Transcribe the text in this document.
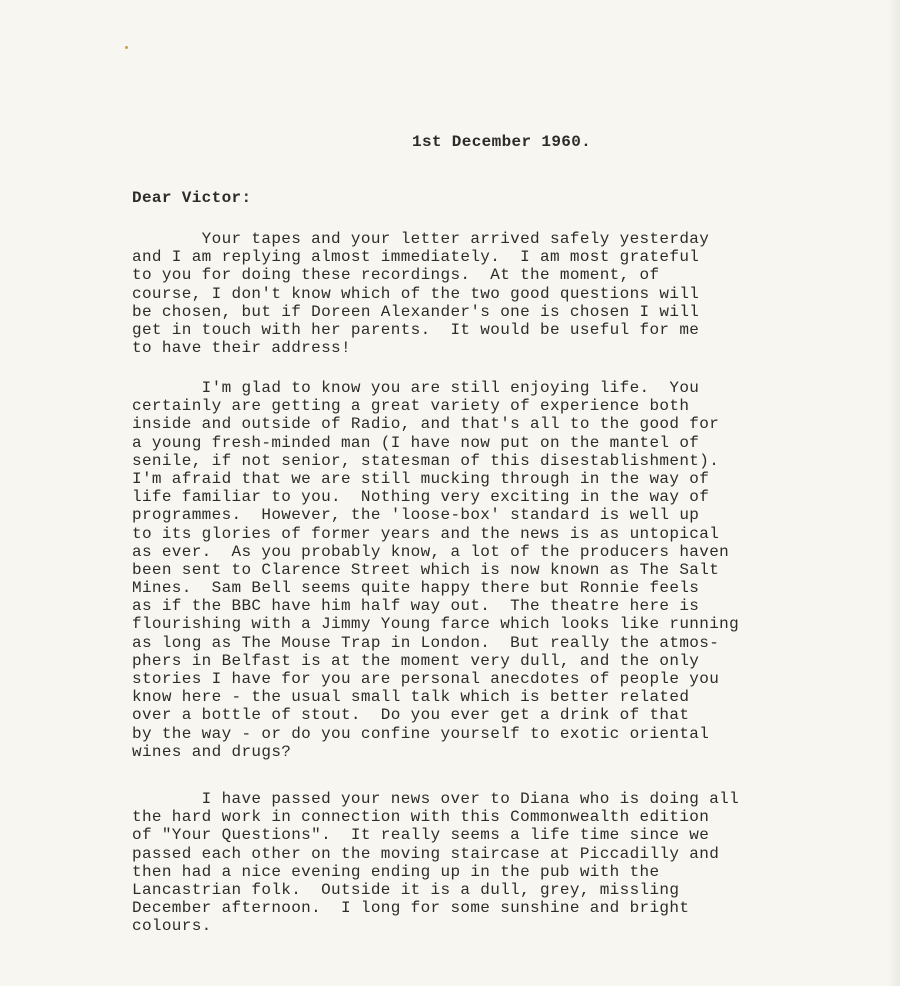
1st December 1960.
Dear Victor:
Your tapes and your letter arrived safely yesterday
and I am replying almost immediately.  I am most grateful
to you for doing these recordings.  At the moment, of
course, I don't know which of the two good questions will
be chosen, but if Doreen Alexander's one is chosen I will
get in touch with her parents.  It would be useful for me
to have their address!
I'm glad to know you are still enjoying life.  You
certainly are getting a great variety of experience both
inside and outside of Radio, and that's all to the good for
a young fresh-minded man (I have now put on the mantel of
senile, if not senior, statesman of this disestablishment).
I'm afraid that we are still mucking through in the way of
life familiar to you.  Nothing very exciting in the way of
programmes.  However, the 'loose-box' standard is well up
to its glories of former years and the news is as untopical
as ever.  As you probably know, a lot of the producers haven
been sent to Clarence Street which is now known as The Salt
Mines.  Sam Bell seems quite happy there but Ronnie feels
as if the BBC have him half way out.  The theatre here is
flourishing with a Jimmy Young farce which looks like running
as long as The Mouse Trap in London.  But really the atmos-
phers in Belfast is at the moment very dull, and the only
stories I have for you are personal anecdotes of people you
know here - the usual small talk which is better related
over a bottle of stout.  Do you ever get a drink of that
by the way - or do you confine yourself to exotic oriental
wines and drugs?
I have passed your news over to Diana who is doing all
the hard work in connection with this Commonwealth edition
of "Your Questions".  It really seems a life time since we
passed each other on the moving staircase at Piccadilly and
then had a nice evening ending up in the pub with the
Lancastrian folk.  Outside it is a dull, grey, missling
December afternoon.  I long for some sunshine and bright
colours.
